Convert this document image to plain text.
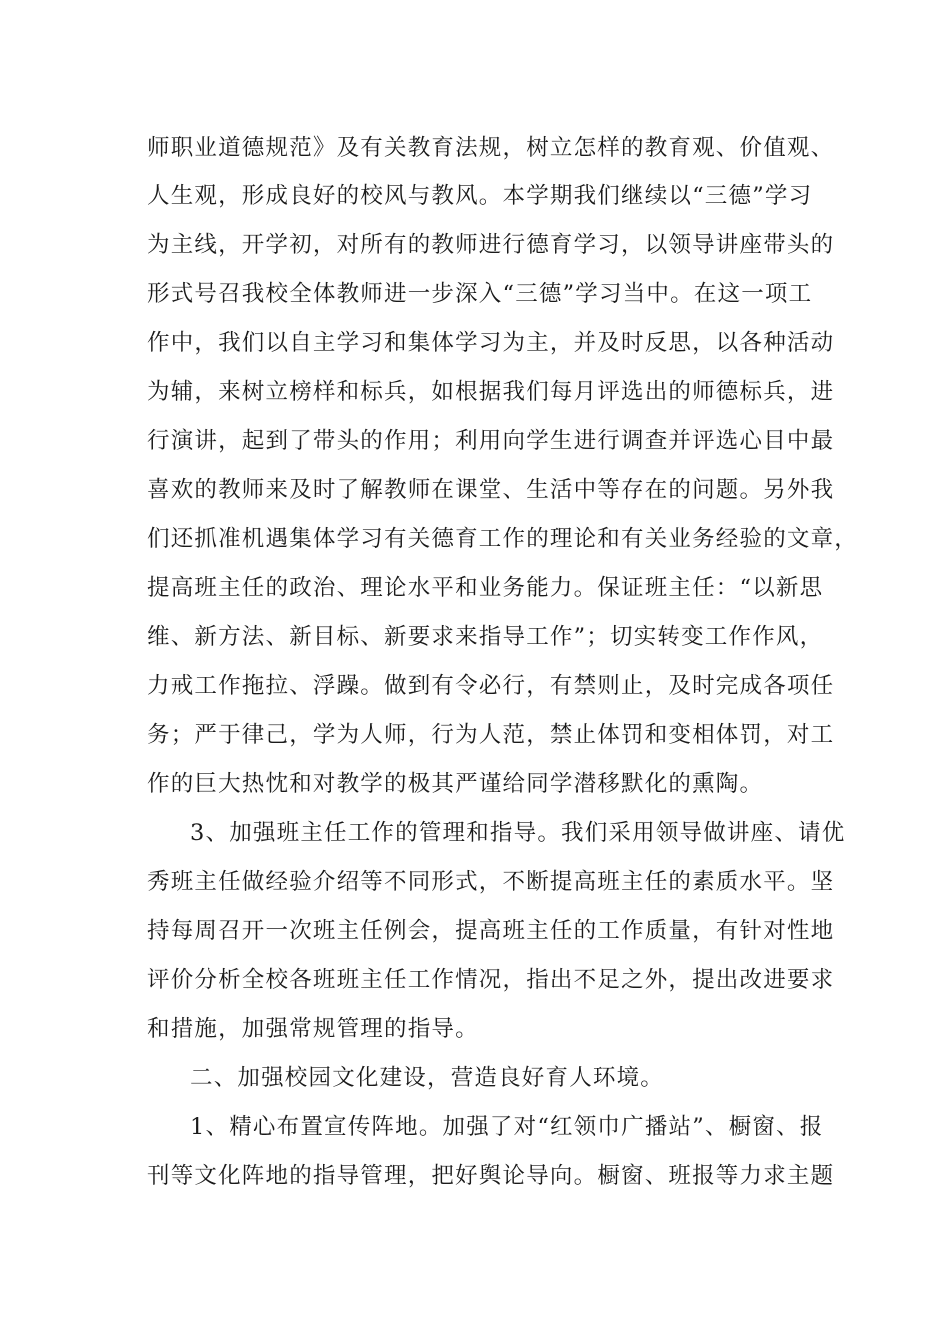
师职业道德规范》及有关教育法规，树立怎样的教育观、价值观、
人生观，形成良好的校风与教风。本学期我们继续以“三德”学习
为主线，开学初，对所有的教师进行德育学习，以领导讲座带头的
形式号召我校全体教师进一步深入“三德”学习当中。在这一项工
作中，我们以自主学习和集体学习为主，并及时反思，以各种活动
为辅，来树立榜样和标兵，如根据我们每月评选出的师德标兵，进
行演讲，起到了带头的作用；利用向学生进行调查并评选心目中最
喜欢的教师来及时了解教师在课堂、生活中等存在的问题。另外我
们还抓准机遇集体学习有关德育工作的理论和有关业务经验的文章，
提高班主任的政治、理论水平和业务能力。保证班主任：“以新思
维、新方法、新目标、新要求来指导工作”；切实转变工作作风，
力戒工作拖拉、浮躁。做到有令必行，有禁则止，及时完成各项任
务；严于律己，学为人师，行为人范，禁止体罚和变相体罚，对工
作的巨大热忱和对教学的极其严谨给同学潜移默化的熏陶。
3、加强班主任工作的管理和指导。我们采用领导做讲座、请优
秀班主任做经验介绍等不同形式，不断提高班主任的素质水平。坚
持每周召开一次班主任例会，提高班主任的工作质量，有针对性地
评价分析全校各班班主任工作情况，指出不足之外，提出改进要求
和措施，加强常规管理的指导。
二、加强校园文化建设，营造良好育人环境。
1、精心布置宣传阵地。加强了对“红领巾广播站”、橱窗、报
刊等文化阵地的指导管理，把好舆论导向。橱窗、班报等力求主题
